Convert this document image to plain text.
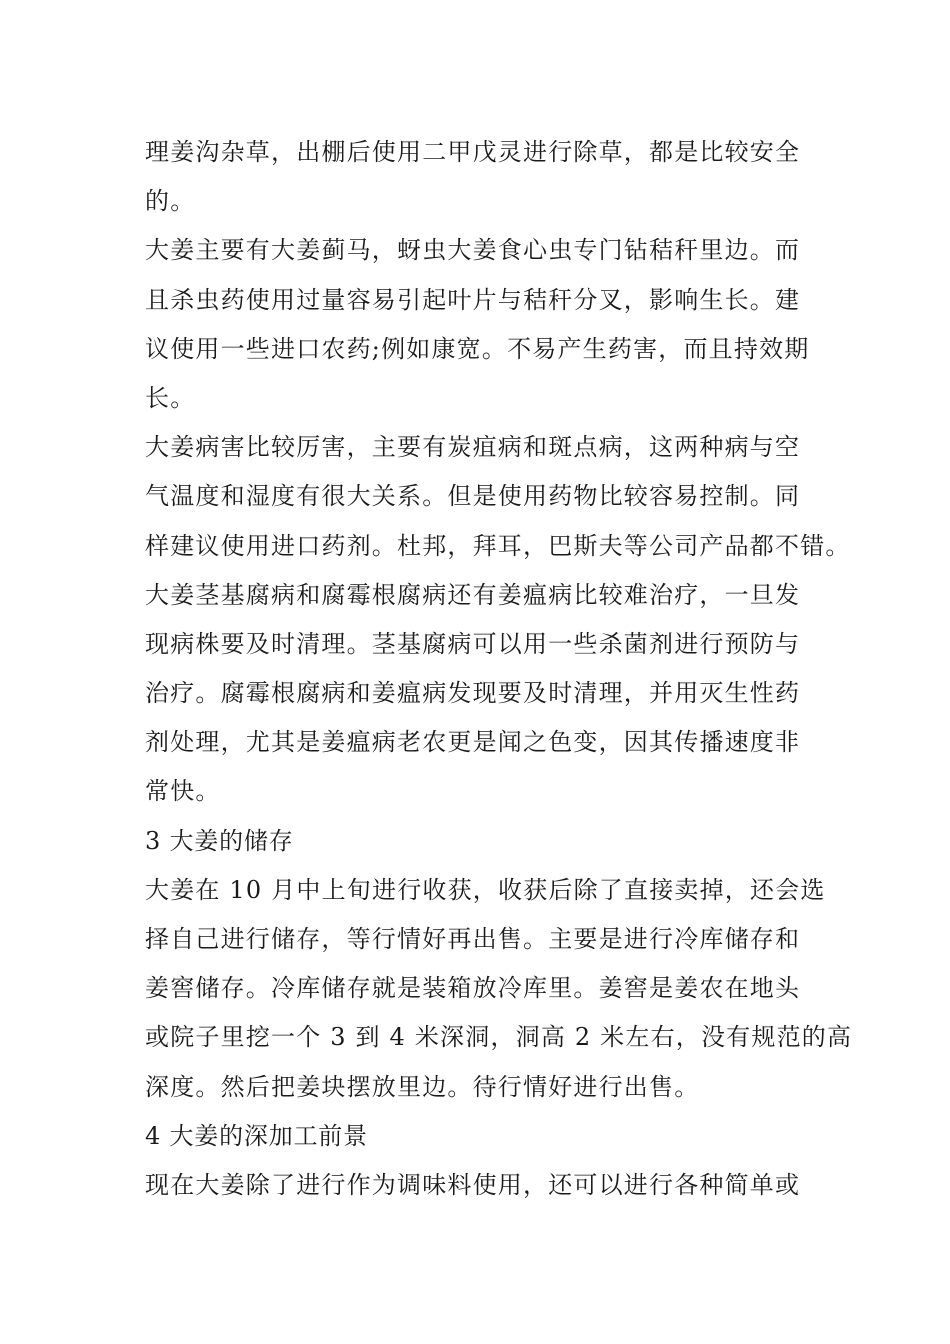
理姜沟杂草，出棚后使用二甲戊灵进行除草，都是比较安全
的。
大姜主要有大姜蓟马，蚜虫大姜食心虫专门钻秸秆里边。而
且杀虫药使用过量容易引起叶片与秸秆分叉，影响生长。建
议使用一些进口农药;例如康宽。不易产生药害，而且持效期
长。
大姜病害比较厉害，主要有炭疽病和斑点病，这两种病与空
气温度和湿度有很大关系。但是使用药物比较容易控制。同
样建议使用进口药剂。杜邦，拜耳，巴斯夫等公司产品都不错。
大姜茎基腐病和腐霉根腐病还有姜瘟病比较难治疗，一旦发
现病株要及时清理。茎基腐病可以用一些杀菌剂进行预防与
治疗。腐霉根腐病和姜瘟病发现要及时清理，并用灭生性药
剂处理，尤其是姜瘟病老农更是闻之色变，因其传播速度非
常快。
3 大姜的储存
大姜在 10 月中上旬进行收获，收获后除了直接卖掉，还会选
择自己进行储存，等行情好再出售。主要是进行冷库储存和
姜窖储存。冷库储存就是装箱放冷库里。姜窖是姜农在地头
或院子里挖一个 3 到 4 米深洞，洞高 2 米左右，没有规范的高
深度。然后把姜块摆放里边。待行情好进行出售。
4 大姜的深加工前景
现在大姜除了进行作为调味料使用，还可以进行各种简单或
